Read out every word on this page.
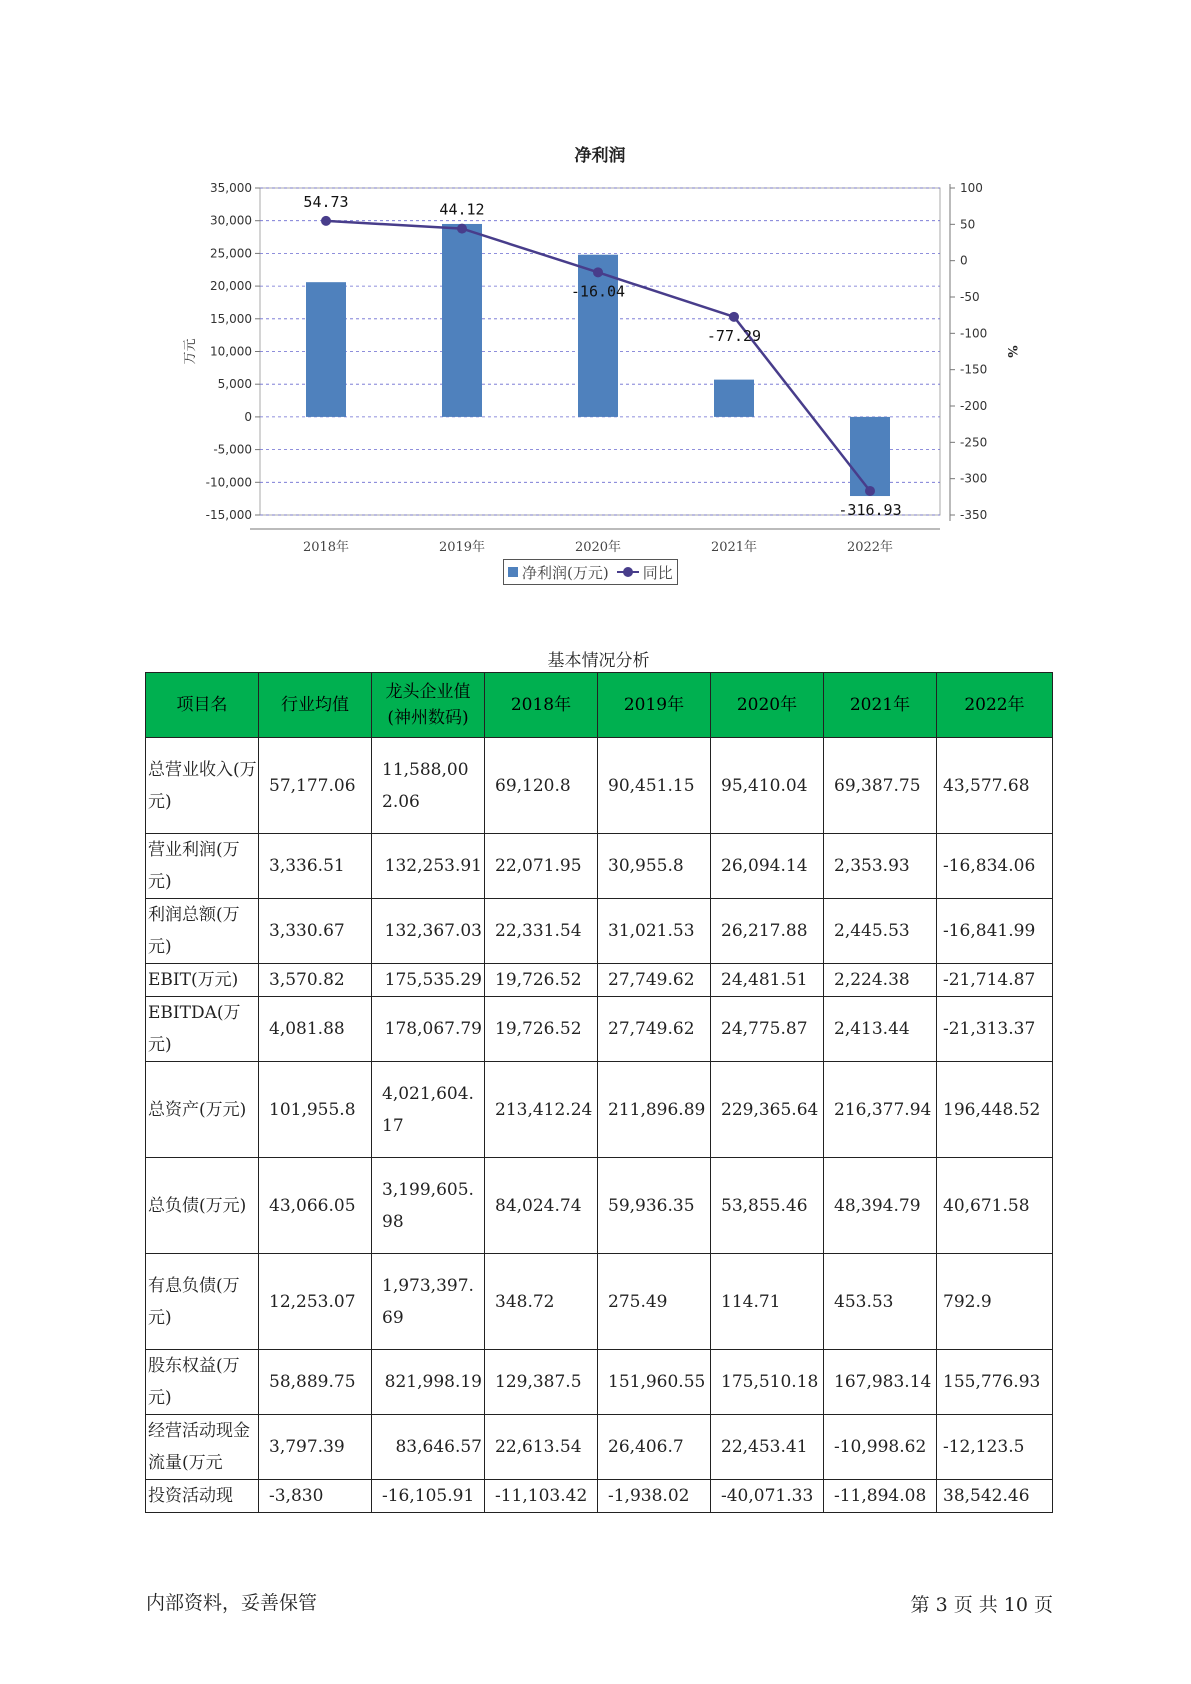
净利润
35,000
30,000
25,000
20,000
15,000
10,000
5,000
0
-5,000
-10,000
-15,000
100
50
0
-50
-100
-150
-200
-250
-300
-350
万元	%
2018年	2019年	2020年	2021年	2022年
54.73	44.12
-16.04
-77.29
-316.93
净利润(万元) 同比
基本情况分析
项目名	行业均值	龙头企业值(神州数码)	2018年	2019年	2020年	2021年	2022年
总营业收入(万元)	57,177.06	11,588,002.06	69,120.8	90,451.15	95,410.04	69,387.75	43,577.68
营业利润(万元)	3,336.51	132,253.91	22,071.95	30,955.8	26,094.14	2,353.93	-16,834.06
利润总额(万元)	3,330.67	132,367.03	22,331.54	31,021.53	26,217.88	2,445.53	-16,841.99
EBIT(万元)	3,570.82	175,535.29	19,726.52	27,749.62	24,481.51	2,224.38	-21,714.87
EBITDA(万元)	4,081.88	178,067.79	19,726.52	27,749.62	24,775.87	2,413.44	-21,313.37
总资产(万元)	101,955.8	4,021,604.17	213,412.24	211,896.89	229,365.64	216,377.94	196,448.52
总负债(万元)	43,066.05	3,199,605.98	84,024.74	59,936.35	53,855.46	48,394.79	40,671.58
有息负债(万元)	12,253.07	1,973,397.69	348.72	275.49	114.71	453.53	792.9
股东权益(万元)	58,889.75	821,998.19	129,387.5	151,960.55	175,510.18	167,983.14	155,776.93
经营活动现金流量(万元	3,797.39	83,646.57	22,613.54	26,406.7	22,453.41	-10,998.62	-12,123.5
投资活动现	-3,830	-16,105.91	-11,103.42	-1,938.02	-40,071.33	-11,894.08	38,542.46
内部资料，妥善保管	第 3 页 共 10 页
